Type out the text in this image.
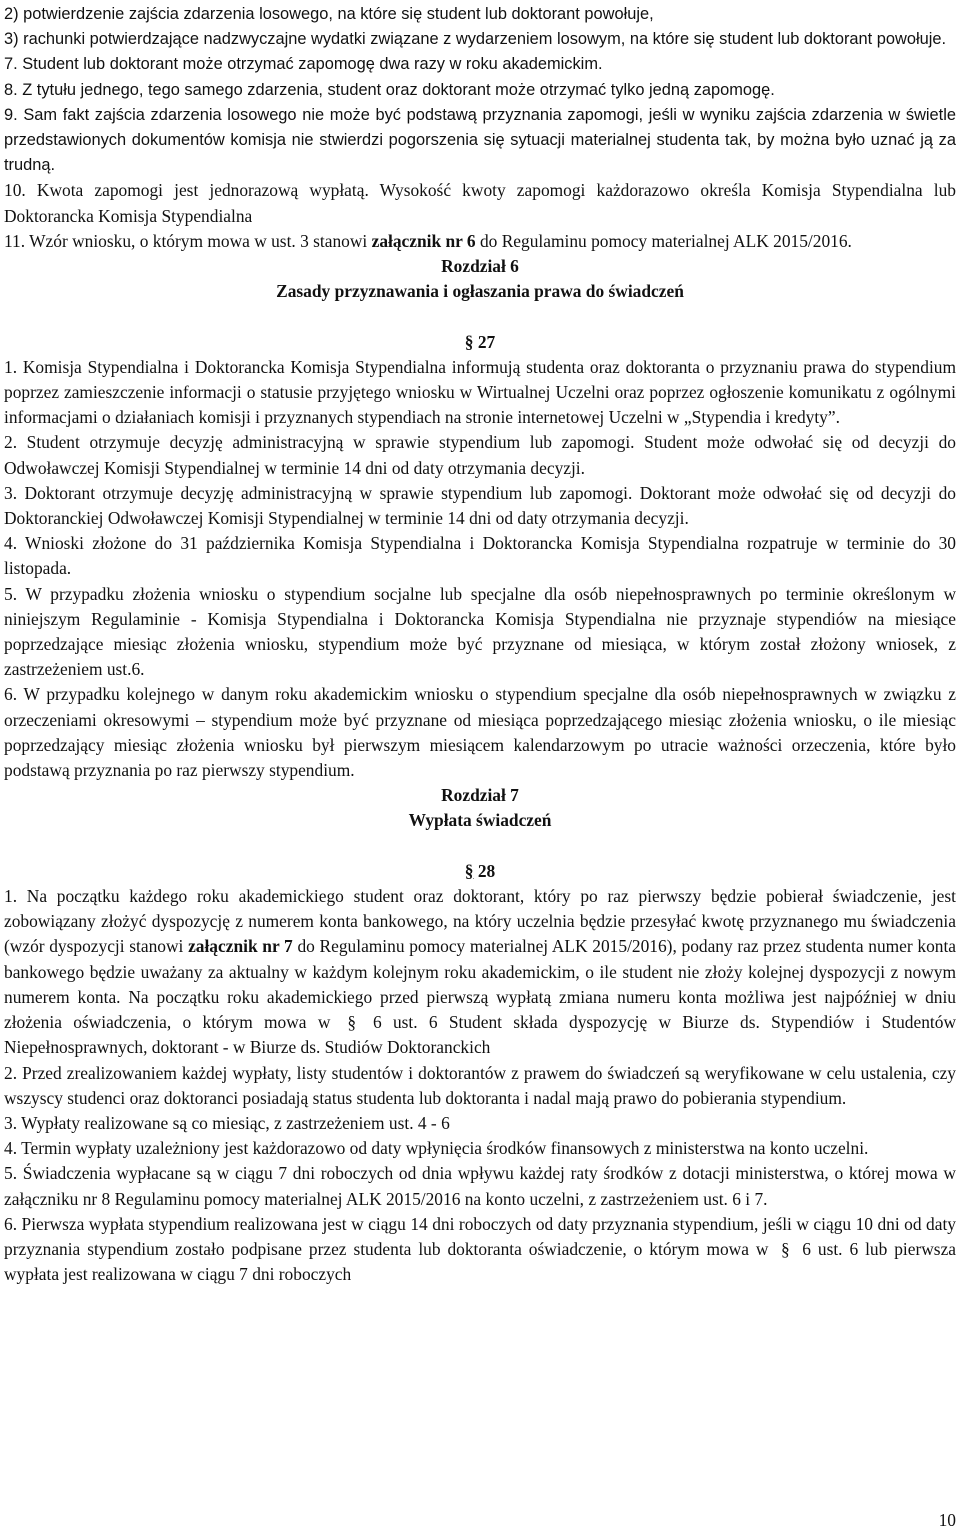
2) potwierdzenie zajścia zdarzenia losowego, na które się student lub doktorant powołuje,

3) rachunki potwierdzające nadzwyczajne wydatki związane z wydarzeniem losowym, na które się student lub doktorant powołuje.

7. Student lub doktorant może otrzymać zapomogę dwa razy w roku akademickim.

8. Z tytułu jednego, tego samego zdarzenia, student oraz doktorant może otrzymać tylko jedną zapomogę.

9. Sam fakt zajścia zdarzenia losowego nie może być podstawą przyznania zapomogi, jeśli w wyniku zajścia zdarzenia w świetle przedstawionych dokumentów komisja nie stwierdzi pogorszenia się sytuacji materialnej studenta tak, by można było uznać ją za trudną.

10. Kwota zapomogi jest jednorazową wypłatą. Wysokość kwoty zapomogi każdorazowo określa Komisja Stypendialna lub Doktorancka Komisja Stypendialna

11. Wzór wniosku, o którym mowa w ust. 3 stanowi załącznik nr 6 do Regulaminu pomocy materialnej ALK 2015/2016.

Rozdział 6

Zasady przyznawania i ogłaszania prawa do świadczeń

§ 27

1. Komisja Stypendialna i Doktorancka Komisja Stypendialna informują studenta oraz doktoranta o przyznaniu prawa do stypendium poprzez zamieszczenie informacji o statusie przyjętego wniosku w Wirtualnej Uczelni oraz poprzez ogłoszenie komunikatu z ogólnymi informacjami o działaniach komisji i przyznanych stypendiach na stronie internetowej Uczelni w „Stypendia i kredyty”.

2. Student otrzymuje decyzję administracyjną w sprawie stypendium lub zapomogi. Student może odwołać się od decyzji do Odwoławczej Komisji Stypendialnej w terminie 14 dni od daty otrzymania decyzji.

3. Doktorant otrzymuje decyzję administracyjną w sprawie stypendium lub zapomogi. Doktorant może odwołać się od decyzji do Doktoranckiej Odwoławczej Komisji Stypendialnej w terminie 14 dni od daty otrzymania decyzji.

4. Wnioski złożone do 31 października Komisja Stypendialna i Doktorancka Komisja Stypendialna rozpatruje w terminie do 30 listopada.

5. W przypadku złożenia wniosku o stypendium socjalne lub specjalne dla osób niepełnosprawnych po terminie określonym w niniejszym Regulaminie - Komisja Stypendialna i Doktorancka Komisja Stypendialna nie przyznaje stypendiów na miesiące poprzedzające miesiąc złożenia wniosku, stypendium może być przyznane od miesiąca, w którym został złożony wniosek, z zastrzeżeniem ust.6.

6. W przypadku kolejnego w danym roku akademickim wniosku o stypendium specjalne dla osób niepełnosprawnych w związku z orzeczeniami okresowymi – stypendium może być przyznane od miesiąca poprzedzającego miesiąc złożenia wniosku, o ile miesiąc poprzedzający miesiąc złożenia wniosku był pierwszym miesiącem kalendarzowym po utracie ważności orzeczenia, które było podstawą przyznania po raz pierwszy stypendium.

Rozdział 7

Wypłata świadczeń

§ 28

1. Na początku każdego roku akademickiego student oraz doktorant, który po raz pierwszy będzie pobierał świadczenie, jest zobowiązany złożyć dyspozycję z numerem konta bankowego, na który uczelnia będzie przesyłać kwotę przyznanego mu świadczenia (wzór dyspozycji stanowi załącznik nr 7 do Regulaminu pomocy materialnej ALK 2015/2016), podany raz przez studenta numer konta bankowego będzie uważany za aktualny w każdym kolejnym roku akademickim, o ile student nie złoży kolejnej dyspozycji z nowym numerem konta. Na początku roku akademickiego przed pierwszą wypłatą zmiana numeru konta możliwa jest najpóźniej w dniu złożenia oświadczenia, o którym mowa w § 6 ust. 6 Student składa dyspozycję w Biurze ds. Stypendiów i Studentów Niepełnosprawnych, doktorant - w Biurze ds. Studiów Doktoranckich

2. Przed zrealizowaniem każdej wypłaty, listy studentów i doktorantów z prawem do świadczeń są weryfikowane w celu ustalenia, czy wszyscy studenci oraz doktoranci posiadają status studenta lub doktoranta i nadal mają prawo do pobierania stypendium.

3. Wypłaty realizowane są co miesiąc, z zastrzeżeniem ust. 4 - 6

4. Termin wypłaty uzależniony jest każdorazowo od daty wpłynięcia środków finansowych z ministerstwa na konto uczelni.

5. Świadczenia wypłacane są w ciągu 7 dni roboczych od dnia wpływu każdej raty środków z dotacji ministerstwa, o której mowa w załączniku nr 8 Regulaminu pomocy materialnej ALK 2015/2016 na konto uczelni, z zastrzeżeniem ust. 6 i 7.

6. Pierwsza wypłata stypendium realizowana jest w ciągu 14 dni roboczych od daty przyznania stypendium, jeśli w ciągu 10 dni od daty przyznania stypendium zostało podpisane przez studenta lub doktoranta oświadczenie, o którym mowa w § 6 ust. 6 lub pierwsza wypłata jest realizowana w ciągu 7 dni roboczych

10
